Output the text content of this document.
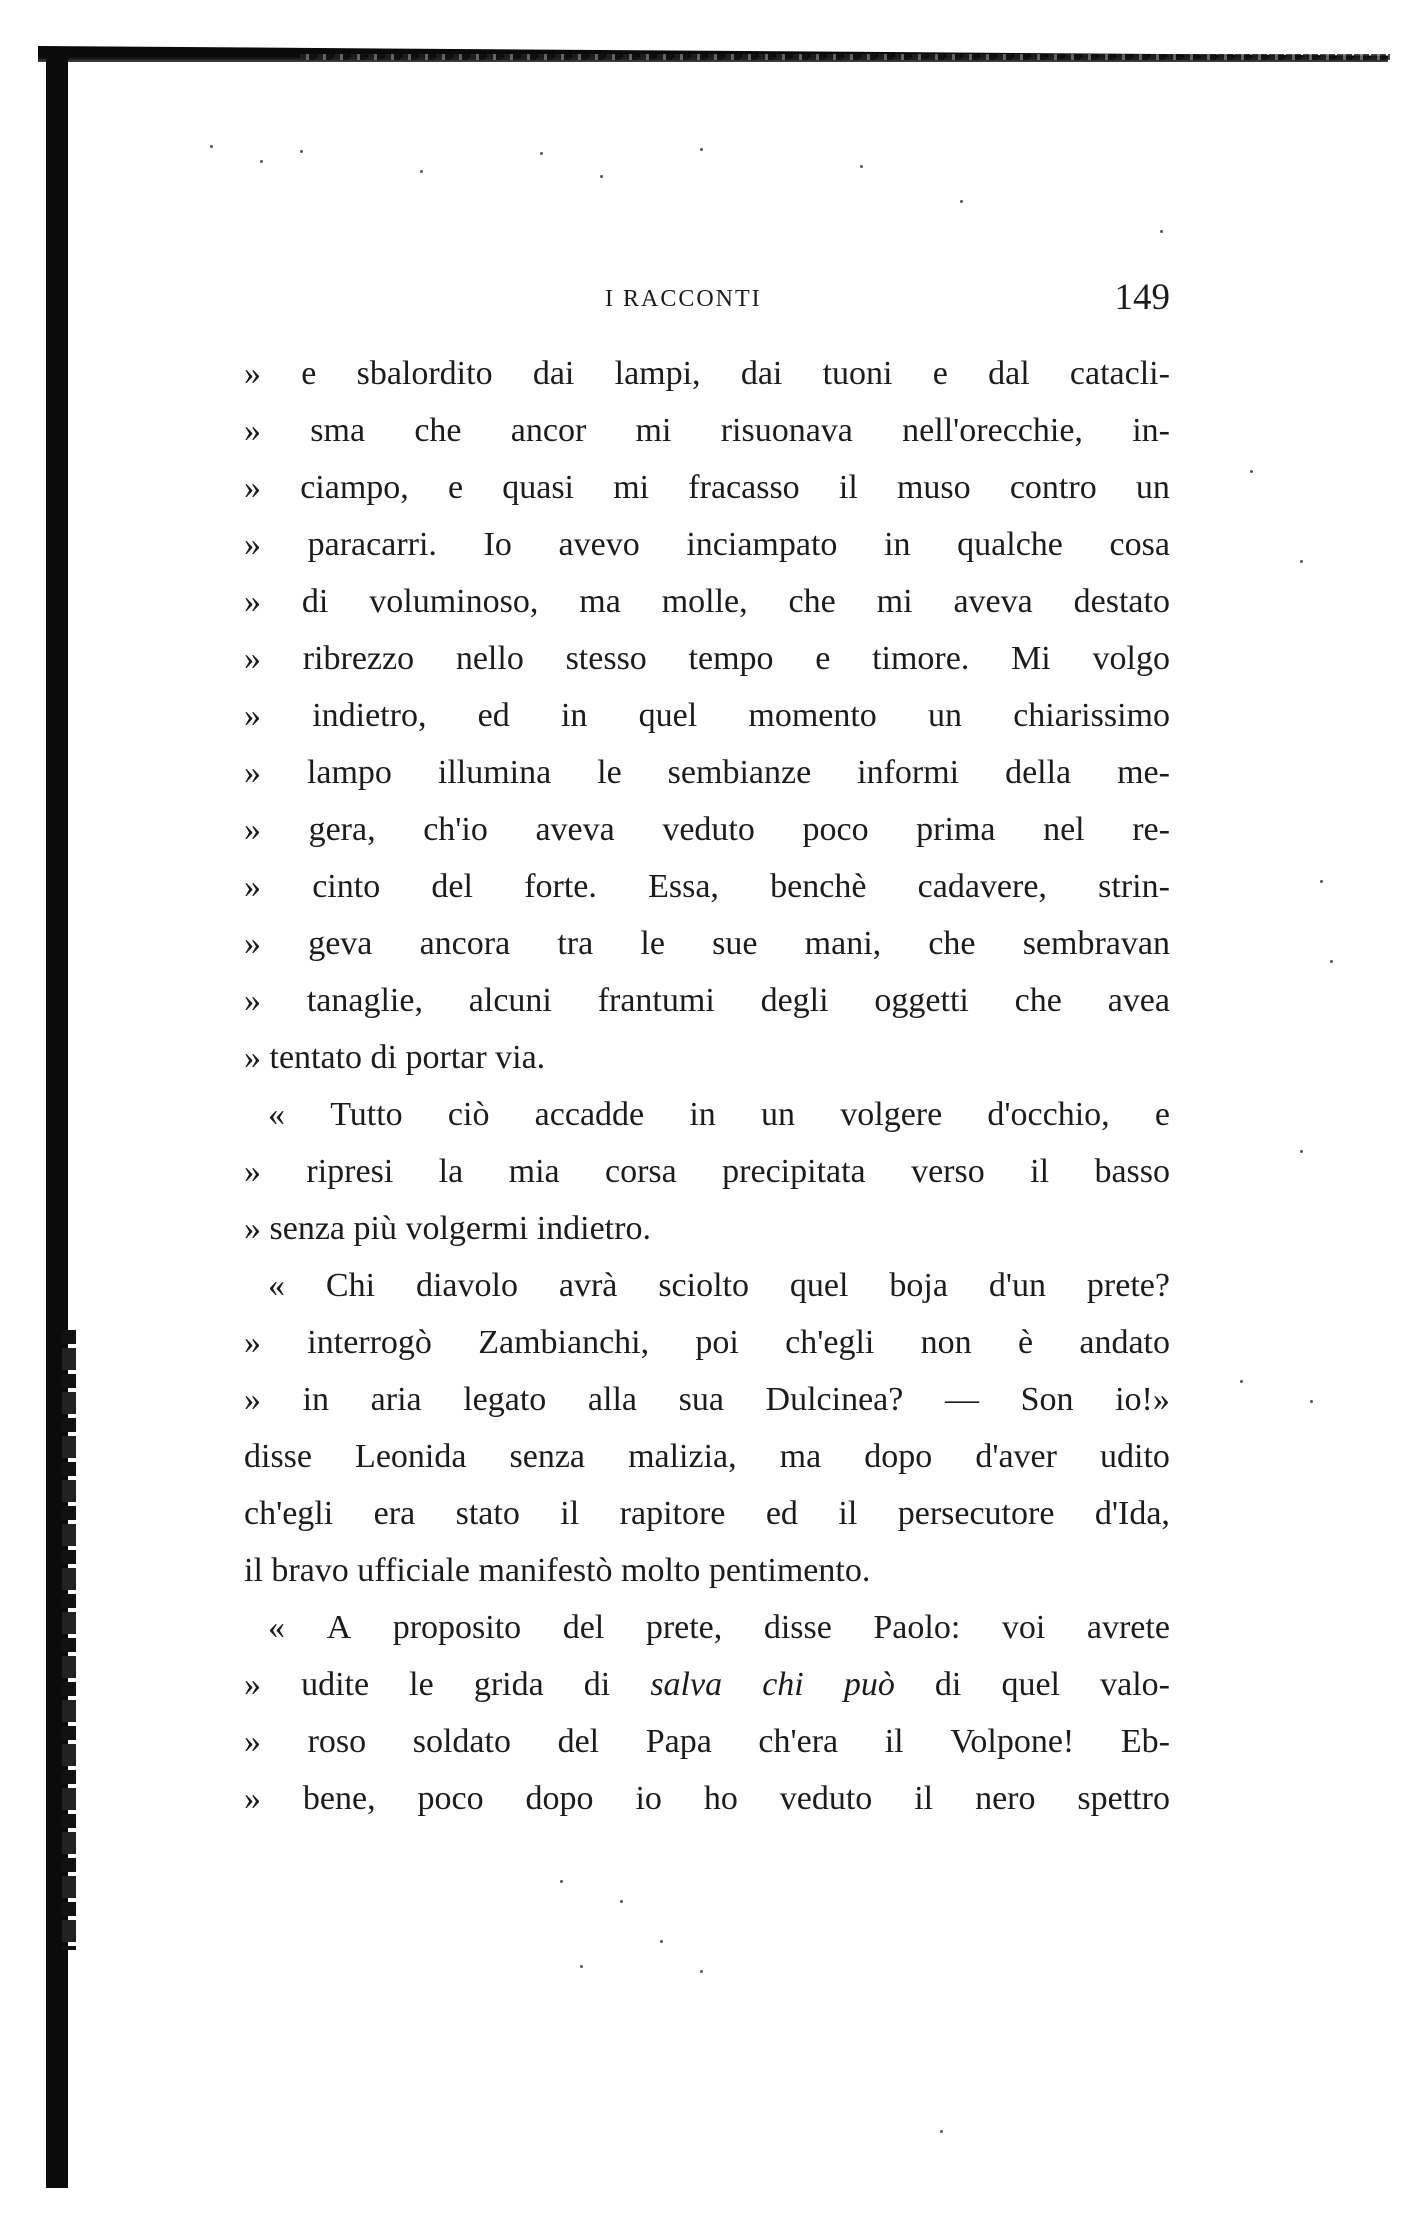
I RACCONTI	149
» e sbalordito dai lampi, dai tuoni e dal catacli-
» sma che ancor mi risuonava nell'orecchie, in-
» ciampo, e quasi mi fracasso il muso contro un
» paracarri. Io avevo inciampato in qualche cosa
» di voluminoso, ma molle, che mi aveva destato
» ribrezzo nello stesso tempo e timore. Mi volgo
» indietro, ed in quel momento un chiarissimo
» lampo illumina le sembianze informi della me-
» gera, ch'io aveva veduto poco prima nel re-
» cinto del forte. Essa, benchè cadavere, strin-
» geva ancora tra le sue mani, che sembravan
» tanaglie, alcuni frantumi degli oggetti che avea
» tentato di portar via.
« Tutto ciò accadde in un volgere d'occhio, e
» ripresi la mia corsa precipitata verso il basso
» senza più volgermi indietro.
« Chi diavolo avrà sciolto quel boja d'un prete?
» interrogò Zambianchi, poi ch'egli non è andato
» in aria legato alla sua Dulcinea? — Son io!»
disse Leonida senza malizia, ma dopo d'aver udito
ch'egli era stato il rapitore ed il persecutore d'Ida,
il bravo ufficiale manifestò molto pentimento.
« A proposito del prete, disse Paolo: voi avrete
» udite le grida di salva chi può di quel valo-
» roso soldato del Papa ch'era il Volpone! Eb-
» bene, poco dopo io ho veduto il nero spettro
